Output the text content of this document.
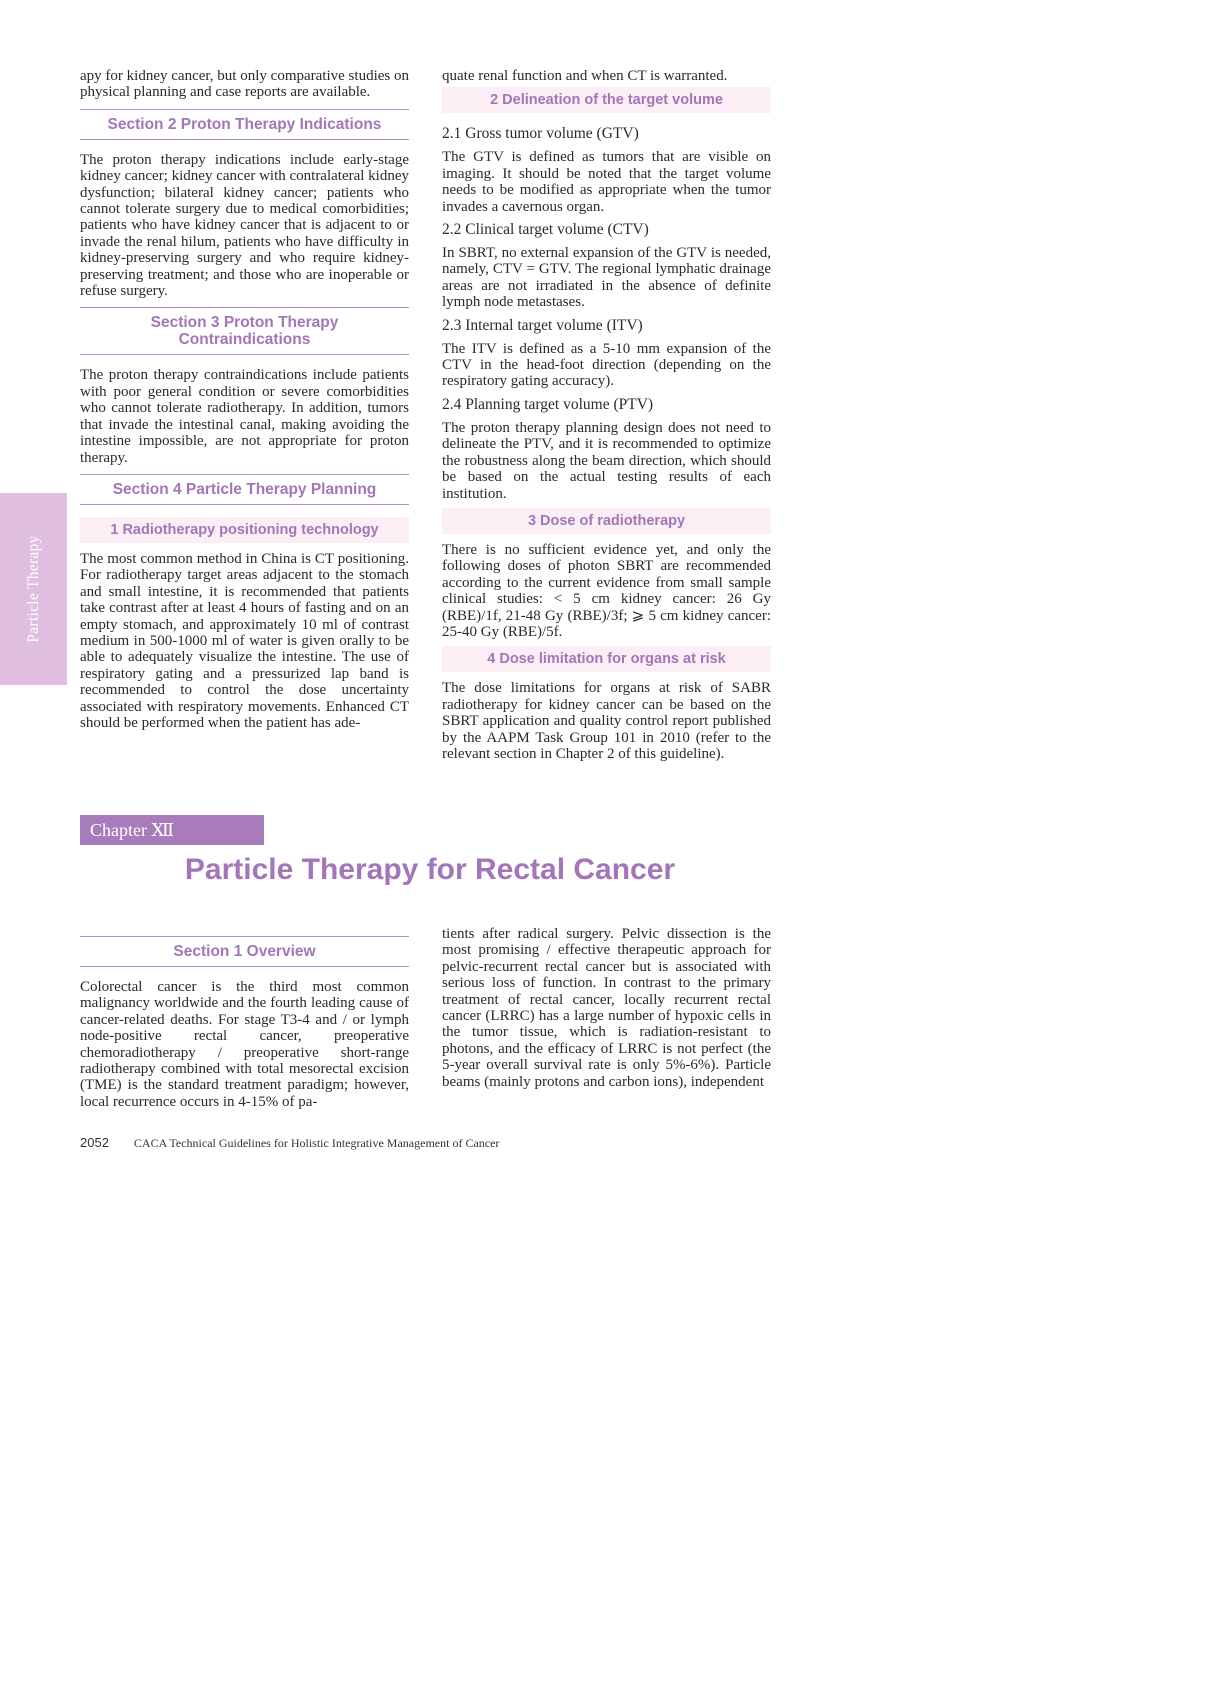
Particle Therapy

apy for kidney cancer, but only comparative studies on physical planning and case reports are available.

Section 2 Proton Therapy Indications

The proton therapy indications include early-stage kidney cancer; kidney cancer with contralateral kidney dysfunction; bilateral kidney cancer; patients who cannot tolerate surgery due to medical comorbidities; patients who have kidney cancer that is adjacent to or invade the renal hilum, patients who have difficulty in kidney-preserving surgery and who require kidney-preserving treatment; and those who are inoperable or refuse surgery.

Section 3 Proton Therapy
Contraindications

The proton therapy contraindications include patients with poor general condition or severe comorbidities who cannot tolerate radiotherapy. In addition, tumors that invade the intestinal canal, making avoiding the intestine impossible, are not appropriate for proton therapy.

Section 4 Particle Therapy Planning
1 Radiotherapy positioning technology

The most common method in China is CT positioning. For radiotherapy target areas adjacent to the stomach and small intestine, it is recommended that patients take contrast after at least 4 hours of fasting and on an empty stomach, and approximately 10 ml of contrast medium in 500-1000 ml of water is given orally to be able to adequately visualize the intestine. The use of respiratory gating and a pressurized lap band is recommended to control the dose uncertainty associated with respiratory movements. Enhanced CT should be performed when the patient has ade-

quate renal function and when CT is warranted.

2 Delineation of the target volume
2.1 Gross tumor volume (GTV)

The GTV is defined as tumors that are visible on imaging. It should be noted that the target volume needs to be modified as appropriate when the tumor invades a cavernous organ.

2.2 Clinical target volume (CTV)

In SBRT, no external expansion of the GTV is needed, namely, CTV = GTV. The regional lymphatic drainage areas are not irradiated in the absence of definite lymph node metastases.

2.3 Internal target volume (ITV)

The ITV is defined as a 5-10 mm expansion of the CTV in the head-foot direction (depending on the respiratory gating accuracy).

2.4 Planning target volume (PTV)

The proton therapy planning design does not need to delineate the PTV, and it is recommended to optimize the robustness along the beam direction, which should be based on the actual testing results of each institution.

3 Dose of radiotherapy

There is no sufficient evidence yet, and only the following doses of photon SBRT are recommended according to the current evidence from small sample clinical studies: < 5 cm kidney cancer: 26 Gy (RBE)/1f, 21-48 Gy (RBE)/3f; ⩾ 5 cm kidney cancer: 25-40 Gy (RBE)/5f.

4 Dose limitation for organs at risk

The dose limitations for organs at risk of SABR radiotherapy for kidney cancer can be based on the SBRT application and quality control report published by the AAPM Task Group 101 in 2010 (refer to the relevant section in Chapter 2 of this guideline).

Chapter Ⅻ
Particle Therapy for Rectal Cancer
Section 1 Overview

Colorectal cancer is the third most common malignancy worldwide and the fourth leading cause of cancer-related deaths. For stage T3-4 and / or lymph node-positive rectal cancer, preoperative chemoradiotherapy / preoperative short-range radiotherapy combined with total mesorectal excision (TME) is the standard treatment paradigm; however, local recurrence occurs in 4-15% of pa-

tients after radical surgery. Pelvic dissection is the most promising / effective therapeutic approach for pelvic-recurrent rectal cancer but is associated with serious loss of function. In contrast to the primary treatment of rectal cancer, locally recurrent rectal cancer (LRRC) has a large number of hypoxic cells in the tumor tissue, which is radiation-resistant to photons, and the efficacy of LRRC is not perfect (the 5-year overall survival rate is only 5%-6%). Particle beams (mainly protons and carbon ions), independent

2052 CACA Technical Guidelines for Holistic Integrative Management of Cancer
